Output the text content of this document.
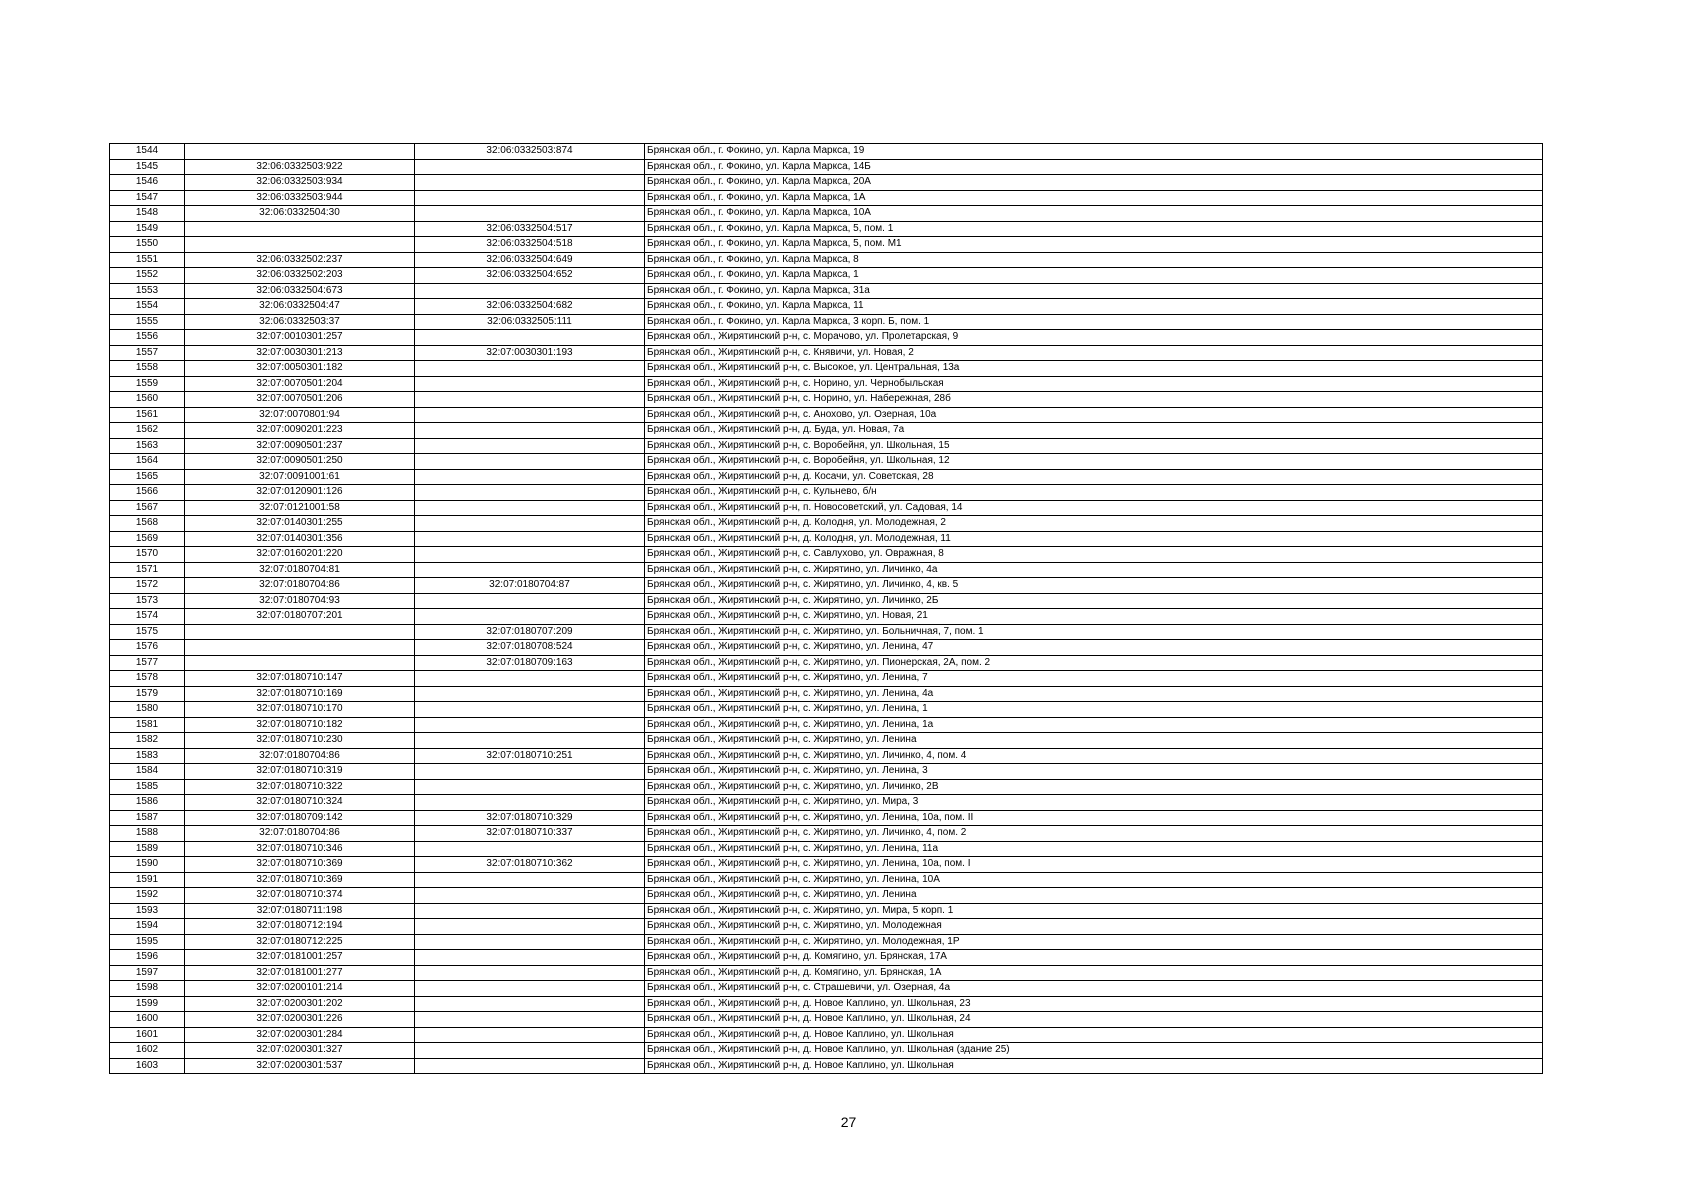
1544		32:06:0332503:874	Брянская обл., г. Фокино, ул. Карла Маркса, 19
1545	32:06:0332503:922		Брянская обл., г. Фокино, ул. Карла Маркса, 14Б
1546	32:06:0332503:934		Брянская обл., г. Фокино, ул. Карла Маркса, 20А
1547	32:06:0332503:944		Брянская обл., г. Фокино, ул. Карла Маркса, 1А
1548	32:06:0332504:30		Брянская обл., г. Фокино, ул. Карла Маркса, 10А
1549		32:06:0332504:517	Брянская обл., г. Фокино, ул. Карла Маркса, 5, пом. 1
1550		32:06:0332504:518	Брянская обл., г. Фокино, ул. Карла Маркса, 5, пом. М1
1551	32:06:0332502:237	32:06:0332504:649	Брянская обл., г. Фокино, ул. Карла Маркса, 8
1552	32:06:0332502:203	32:06:0332504:652	Брянская обл., г. Фокино, ул. Карла Маркса, 1
1553	32:06:0332504:673		Брянская обл., г. Фокино, ул. Карла Маркса, 31а
1554	32:06:0332504:47	32:06:0332504:682	Брянская обл., г. Фокино, ул. Карла Маркса, 11
1555	32:06:0332503:37	32:06:0332505:111	Брянская обл., г. Фокино, ул. Карла Маркса, 3 корп. Б, пом. 1
1556	32:07:0010301:257		Брянская обл., Жирятинский р-н, с. Морачово, ул. Пролетарская, 9
1557	32:07:0030301:213	32:07:0030301:193	Брянская обл., Жирятинский р-н, с. Княвичи, ул. Новая, 2
1558	32:07:0050301:182		Брянская обл., Жирятинский р-н, с. Высокое, ул. Центральная, 13а
1559	32:07:0070501:204		Брянская обл., Жирятинский р-н, с. Норино, ул. Чернобыльская
1560	32:07:0070501:206		Брянская обл., Жирятинский р-н, с. Норино, ул. Набережная, 28б
1561	32:07:0070801:94		Брянская обл., Жирятинский р-н, с. Анохово, ул. Озерная, 10а
1562	32:07:0090201:223		Брянская обл., Жирятинский р-н, д. Буда, ул. Новая, 7а
1563	32:07:0090501:237		Брянская обл., Жирятинский р-н, с. Воробейня, ул. Школьная, 15
1564	32:07:0090501:250		Брянская обл., Жирятинский р-н, с. Воробейня, ул. Школьная, 12
1565	32:07:0091001:61		Брянская обл., Жирятинский р-н, д. Косачи, ул. Советская, 28
1566	32:07:0120901:126		Брянская обл., Жирятинский р-н, с. Кульнево, б/н
1567	32:07:0121001:58		Брянская обл., Жирятинский р-н, п. Новосоветский, ул. Садовая, 14
1568	32:07:0140301:255		Брянская обл., Жирятинский р-н, д. Колодня, ул. Молодежная, 2
1569	32:07:0140301:356		Брянская обл., Жирятинский р-н, д. Колодня, ул. Молодежная, 11
1570	32:07:0160201:220		Брянская обл., Жирятинский р-н, с. Савлухово, ул. Овражная, 8
1571	32:07:0180704:81		Брянская обл., Жирятинский р-н, с. Жирятино, ул. Личинко, 4а
1572	32:07:0180704:86	32:07:0180704:87	Брянская обл., Жирятинский р-н, с. Жирятино, ул. Личинко, 4, кв. 5
1573	32:07:0180704:93		Брянская обл., Жирятинский р-н, с. Жирятино, ул. Личинко, 2Б
1574	32:07:0180707:201		Брянская обл., Жирятинский р-н, с. Жирятино, ул. Новая, 21
1575		32:07:0180707:209	Брянская обл., Жирятинский р-н, с. Жирятино, ул. Больничная, 7, пом. 1
1576		32:07:0180708:524	Брянская обл., Жирятинский р-н, с. Жирятино, ул. Ленина, 47
1577		32:07:0180709:163	Брянская обл., Жирятинский р-н, с. Жирятино, ул. Пионерская, 2А, пом. 2
1578	32:07:0180710:147		Брянская обл., Жирятинский р-н, с. Жирятино, ул. Ленина, 7
1579	32:07:0180710:169		Брянская обл., Жирятинский р-н, с. Жирятино, ул. Ленина, 4а
1580	32:07:0180710:170		Брянская обл., Жирятинский р-н, с. Жирятино, ул. Ленина, 1
1581	32:07:0180710:182		Брянская обл., Жирятинский р-н, с. Жирятино, ул. Ленина, 1а
1582	32:07:0180710:230		Брянская обл., Жирятинский р-н, с. Жирятино, ул. Ленина
1583	32:07:0180704:86	32:07:0180710:251	Брянская обл., Жирятинский р-н, с. Жирятино, ул. Личинко, 4, пом. 4
1584	32:07:0180710:319		Брянская обл., Жирятинский р-н, с. Жирятино, ул. Ленина, 3
1585	32:07:0180710:322		Брянская обл., Жирятинский р-н, с. Жирятино, ул. Личинко, 2В
1586	32:07:0180710:324		Брянская обл., Жирятинский р-н, с. Жирятино, ул. Мира, 3
1587	32:07:0180709:142	32:07:0180710:329	Брянская обл., Жирятинский р-н, с. Жирятино, ул. Ленина, 10а, пом. II
1588	32:07:0180704:86	32:07:0180710:337	Брянская обл., Жирятинский р-н, с. Жирятино, ул. Личинко, 4, пом. 2
1589	32:07:0180710:346		Брянская обл., Жирятинский р-н, с. Жирятино, ул. Ленина, 11а
1590	32:07:0180710:369	32:07:0180710:362	Брянская обл., Жирятинский р-н, с. Жирятино, ул. Ленина, 10а, пом. I
1591	32:07:0180710:369		Брянская обл., Жирятинский р-н, с. Жирятино, ул. Ленина, 10А
1592	32:07:0180710:374		Брянская обл., Жирятинский р-н, с. Жирятино, ул. Ленина
1593	32:07:0180711:198		Брянская обл., Жирятинский р-н, с. Жирятино, ул. Мира, 5 корп. 1
1594	32:07:0180712:194		Брянская обл., Жирятинский р-н, с. Жирятино, ул. Молодежная
1595	32:07:0180712:225		Брянская обл., Жирятинский р-н, с. Жирятино, ул. Молодежная, 1Р
1596	32:07:0181001:257		Брянская обл., Жирятинский р-н, д. Комягино, ул. Брянская, 17А
1597	32:07:0181001:277		Брянская обл., Жирятинский р-н, д. Комягино, ул. Брянская, 1А
1598	32:07:0200101:214		Брянская обл., Жирятинский р-н, с. Страшевичи, ул. Озерная, 4а
1599	32:07:0200301:202		Брянская обл., Жирятинский р-н, д. Новое Каплино, ул. Школьная, 23
1600	32:07:0200301:226		Брянская обл., Жирятинский р-н, д. Новое Каплино, ул. Школьная, 24
1601	32:07:0200301:284		Брянская обл., Жирятинский р-н, д. Новое Каплино, ул. Школьная
1602	32:07:0200301:327		Брянская обл., Жирятинский р-н, д. Новое Каплино, ул. Школьная (здание 25)
1603	32:07:0200301:537		Брянская обл., Жирятинский р-н, д. Новое Каплино, ул. Школьная
27
